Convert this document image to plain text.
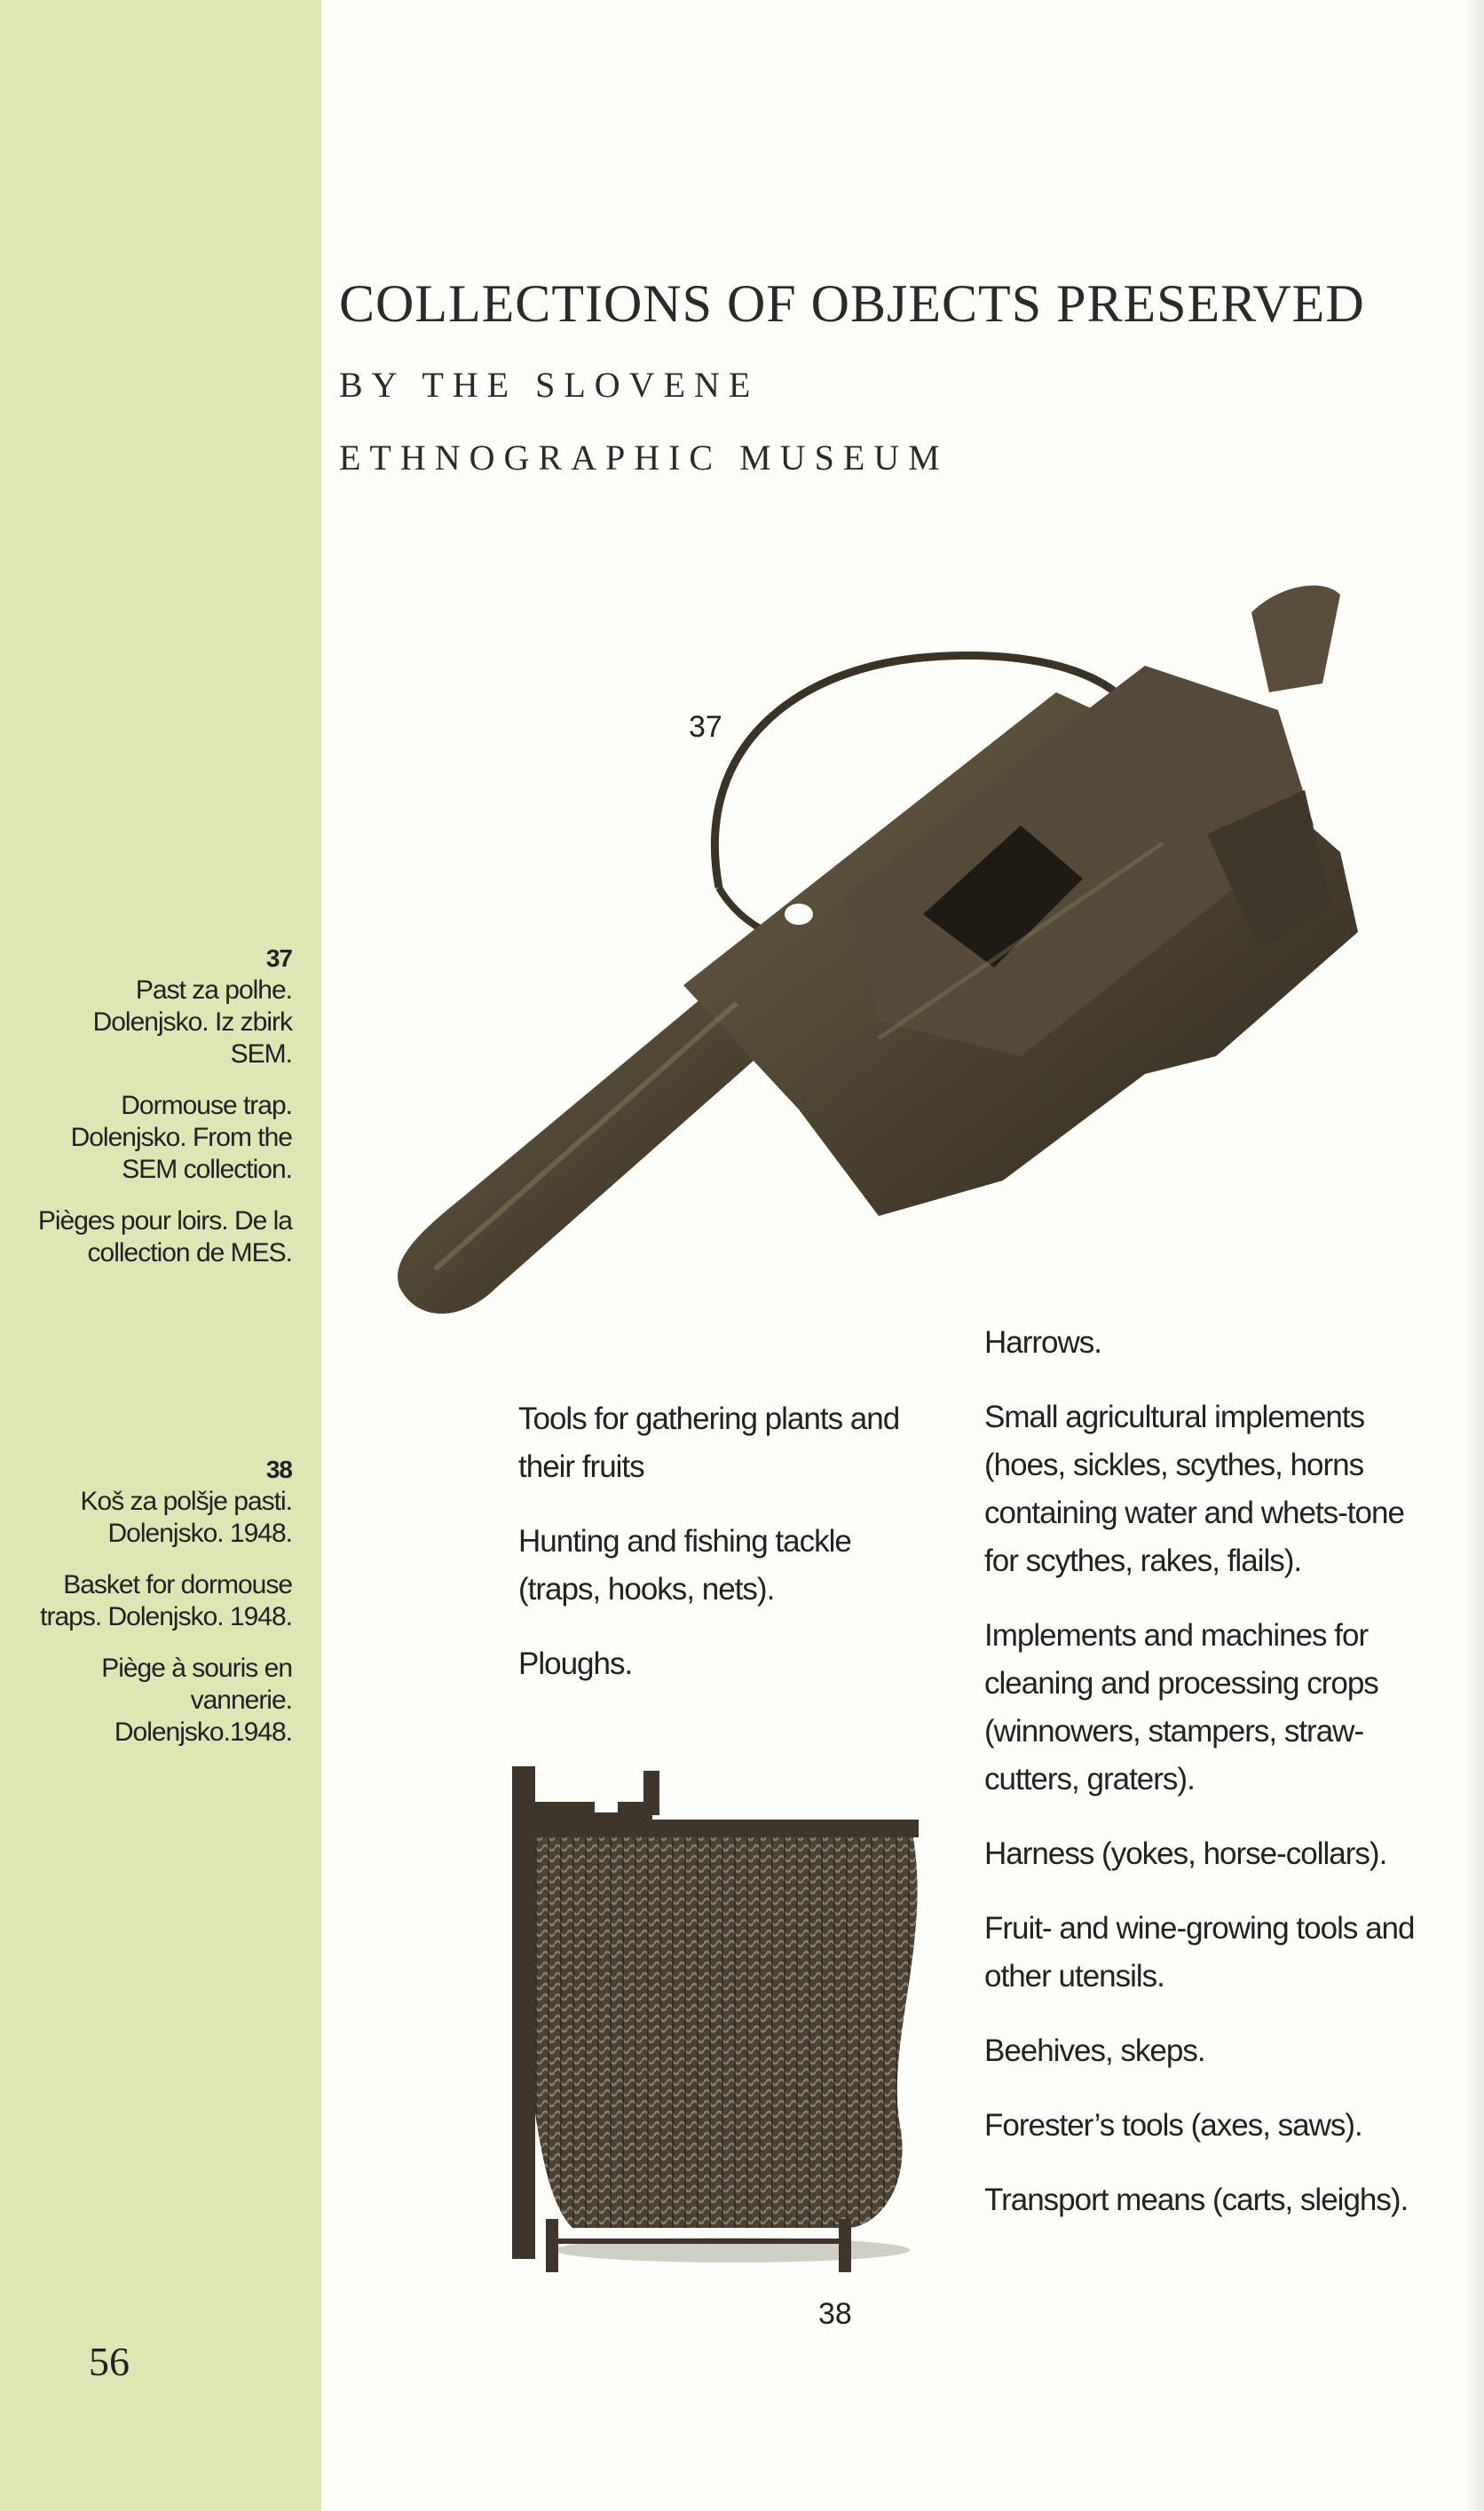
COLLECTIONS OF OBJECTS PRESERVED
BY THE SLOVENE
ETHNOGRAPHIC MUSEUM

37
Past za polhe. Dolenjsko. Iz zbirk SEM.

Dormouse trap. Dolenjsko. From the SEM collection.

Pièges pour loirs. De la collection de MES.

38
Koš za polšje pasti. Dolenjsko. 1948.

Basket for dormouse traps. Dolenjsko. 1948.

Piège à souris en vannerie. Dolenjsko.1948.

37
38

Tools for gathering plants and their fruits

Hunting and fishing tackle (traps, hooks, nets).

Ploughs.

Harrows.

Small agricultural implements (hoes, sickles, scythes, horns containing water and whets-tone for scythes, rakes, flails).

Implements and machines for cleaning and processing crops (winnowers, stampers, straw-cutters, graters).

Harness (yokes, horse-collars).

Fruit- and wine-growing tools and other utensils.

Beehives, skeps.

Forester’s tools (axes, saws).

Transport means (carts, sleighs).

56
